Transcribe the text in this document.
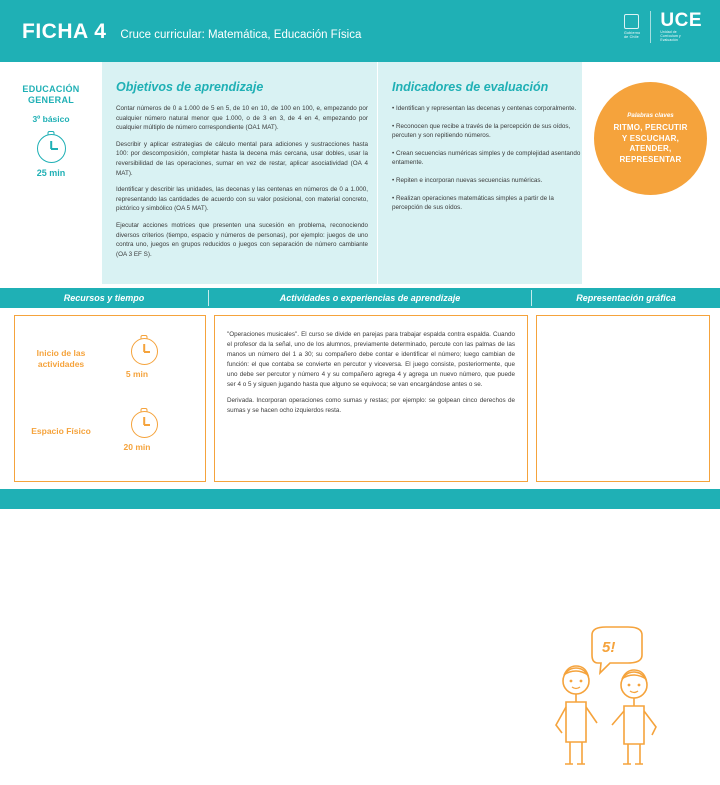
FICHA 4 Cruce curricular: Matemática, Educación Física	Gobierno
de Chile
UCE
Unidad de
Currículum y
Evaluación
EDUCACIÓN
GENERAL
3º básico
25 min
Objetivos de aprendizaje

Contar números de 0 a 1.000 de 5 en 5, de 10 en 10, de 100 en 100, e, empezando por cualquier número natural menor que 1.000, o de 3 en 3, de 4 en 4, empezando por cualquier múltiplo de número correspondiente (OA1 MAT).

Describir y aplicar estrategias de cálculo mental para adiciones y sustracciones hasta 100: por descomposición, completar hasta la decena más cercana, usar dobles, usar la reversibilidad de las operaciones, sumar en vez de restar, aplicar asociatividad (OA 4 MAT).

Identificar y describir las unidades, las decenas y las centenas en números de 0 a 1.000, representando las cantidades de acuerdo con su valor posicional, con material concreto, pictórico y simbólico (OA 5 MAT).

Ejecutar acciones motrices que presenten una sucesión en problema, reconociendo diversos criterios (tiempo, espacio y números de personas), por ejemplo: juegos de uno contra uno, juegos en grupos reducidos o juegos con separación de número cambiante (OA 3 EF S).

Indicadores de evaluación

• Identifican y representan las decenas y centenas corporalmente.

• Reconocen que recibe a través de la percepción de sus oídos, percuten y son repitiendo números.

• Crean secuencias numéricas simples y de complejidad asentando entamente.

• Repiten e incorporan nuevas secuencias numéricas.

• Realizan operaciones matemáticas simples a partir de la percepción de sus oídos.

Palabras claves
RITMO, PERCUTIR
Y ESCUCHAR,
ATENDER,
REPRESENTAR
Recursos y tiempo	Actividades o experiencias de aprendizaje	Representación gráfica
Inicio de las
actividades
5 min
Espacio Físico
20 min

"Operaciones musicales". El curso se divide en parejas para trabajar espalda contra espalda. Cuando el profesor da la señal, uno de los alumnos, previamente determinado, percute con las palmas de las manos un número del 1 a 30; su compañero debe contar e identificar el número; luego cambian de función: el que contaba se convierte en percutor y viceversa. El juego consiste, posteriormente, que uno debe ser percutor y número 4 y su compañero agrega 4 y agrega un nuevo número, que puede ser 4 o 5 y siguen jugando hasta que alguno se equivoca; se van encargándose antes o se.

Derivada. Incorporan operaciones como sumas y restas; por ejemplo: se golpean cinco derechos de sumas y se hacen ocho izquierdos resta.

5!
